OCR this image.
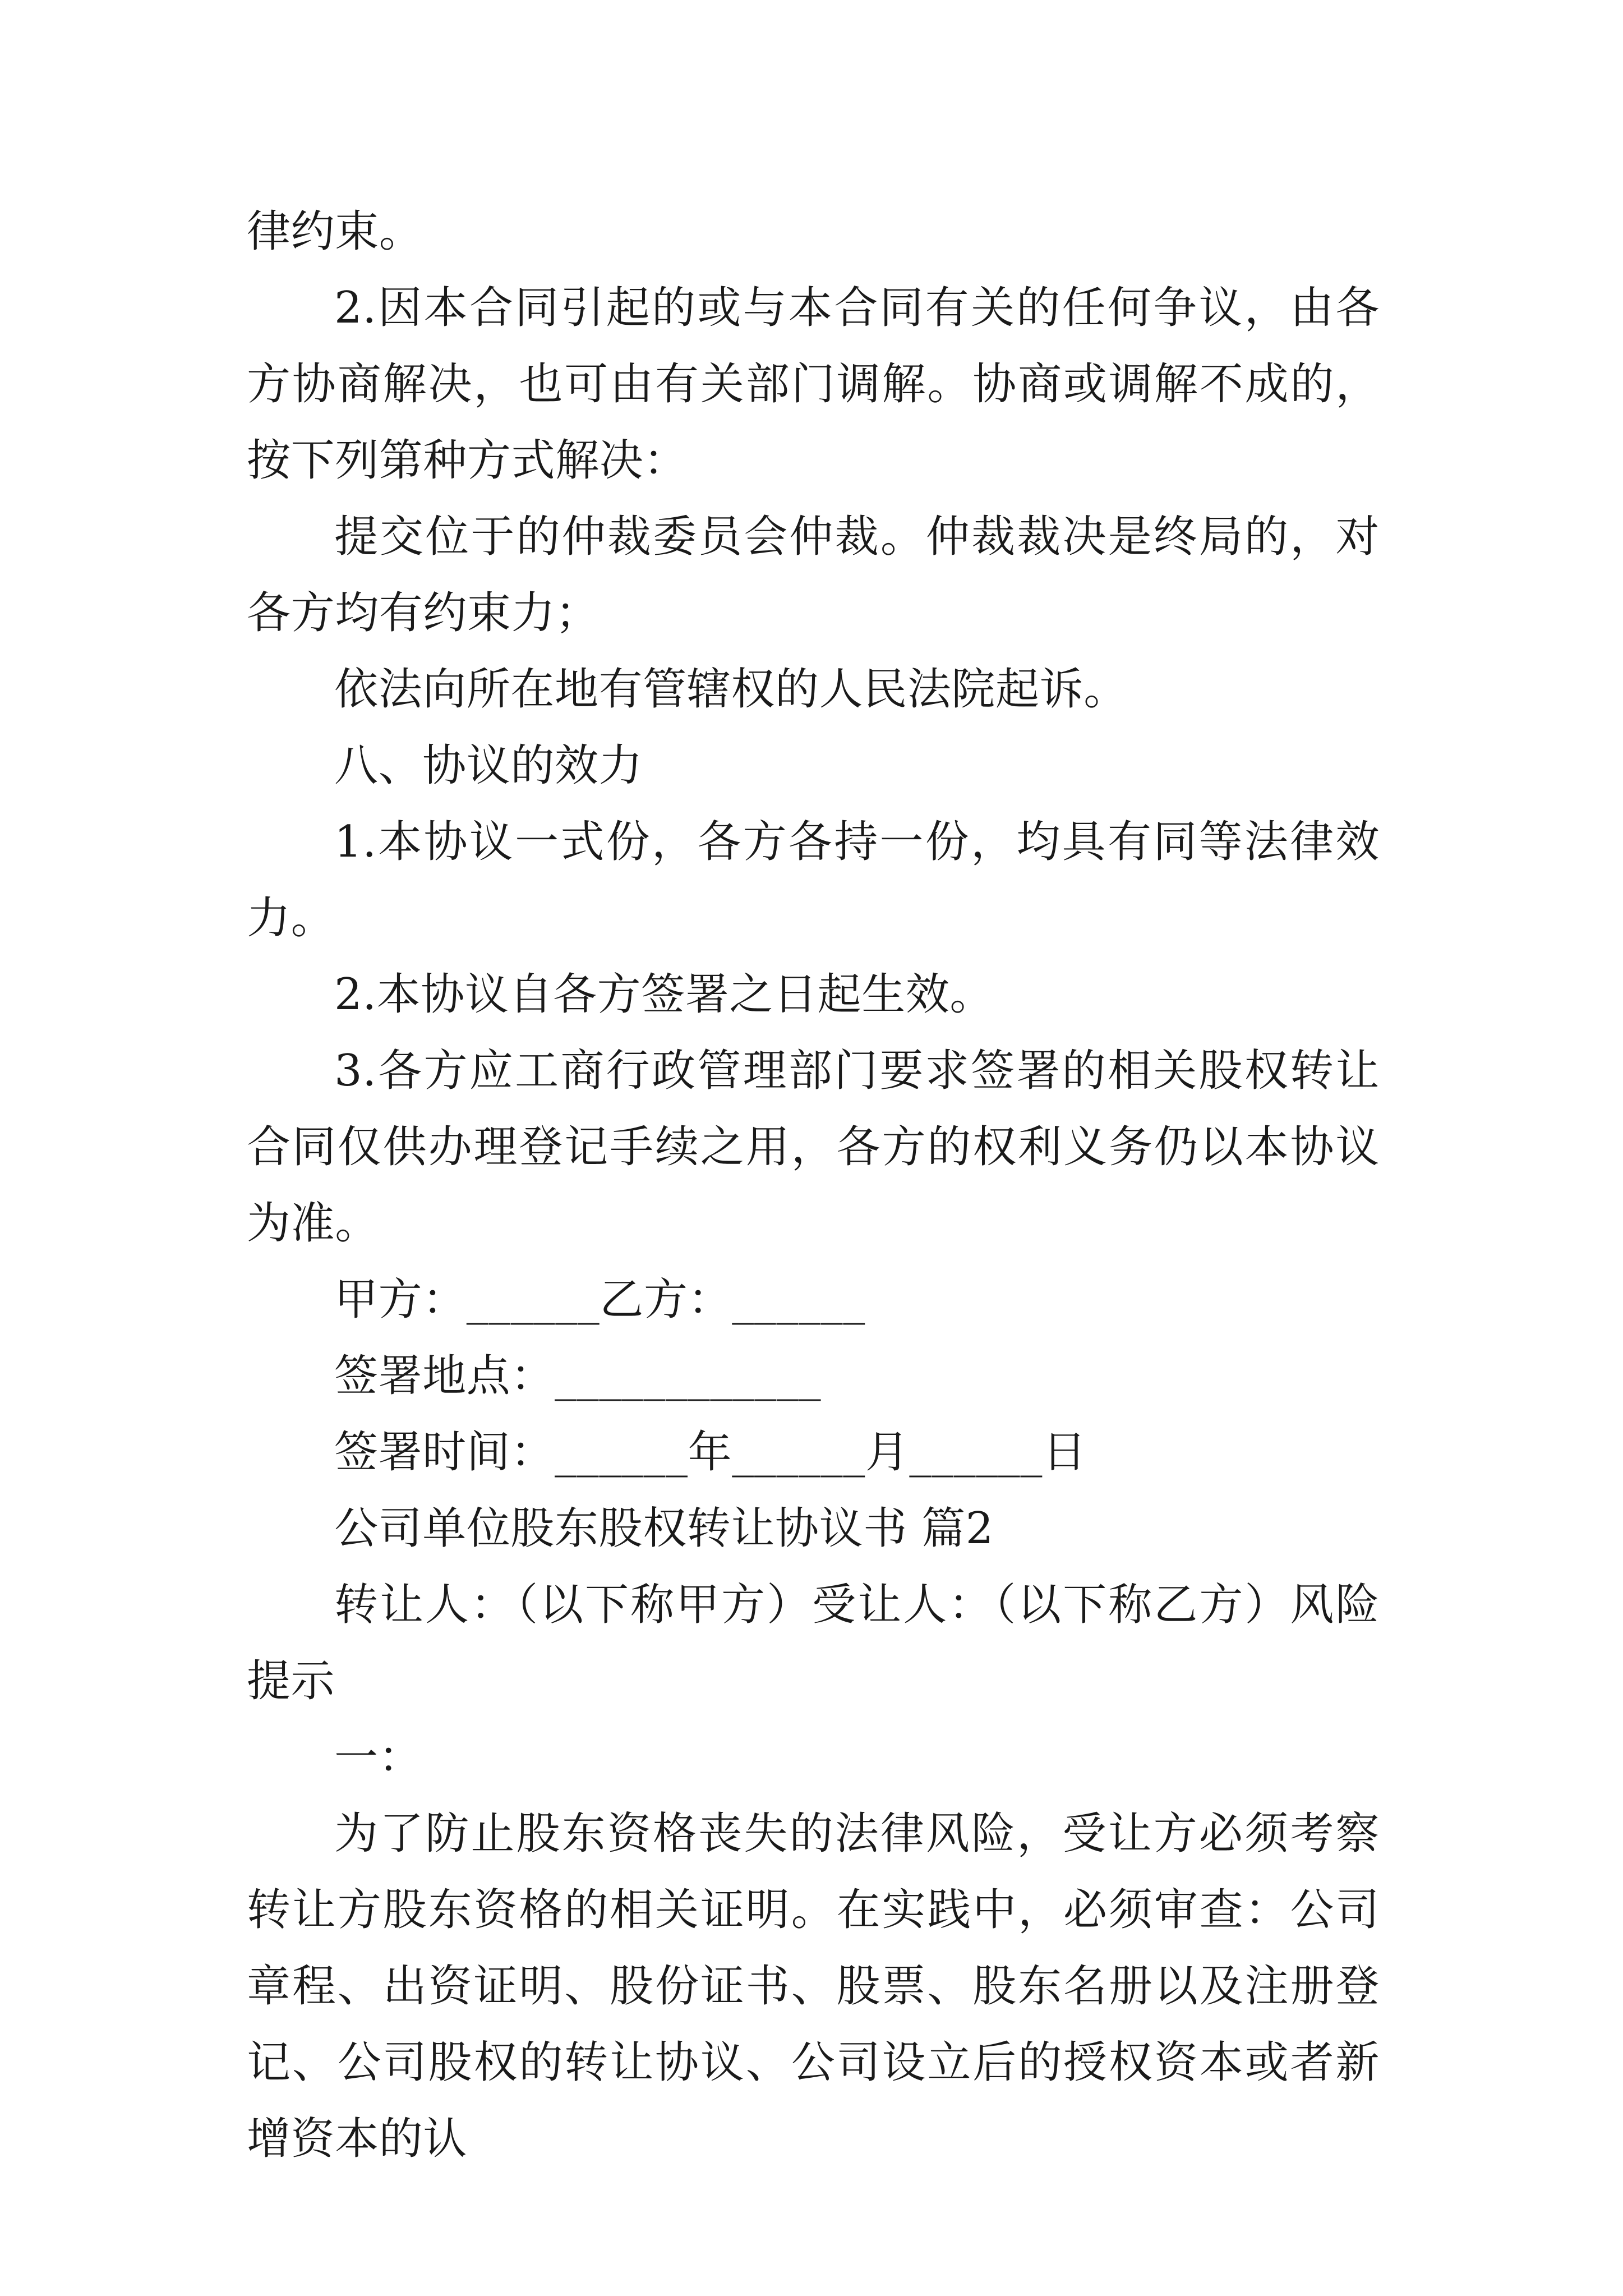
律约束。

2.因本合同引起的或与本合同有关的任何争议，由各方协商解决，也可由有关部门调解。协商或调解不成的，按下列第种方式解决：

提交位于的仲裁委员会仲裁。仲裁裁决是终局的，对各方均有约束力；

依法向所在地有管辖权的人民法院起诉。

八、协议的效力

1.本协议一式份，各方各持一份，均具有同等法律效力。

2.本协议自各方签署之日起生效。

3.各方应工商行政管理部门要求签署的相关股权转让合同仅供办理登记手续之用，各方的权利义务仍以本协议为准。

甲方：______乙方：______

签署地点：____________

签署时间：______年______月______日

公司单位股东股权转让协议书 篇2

转让人：（以下称甲方）受让人：（以下称乙方）风险提示

一：

为了防止股东资格丧失的法律风险，受让方必须考察转让方股东资格的相关证明。在实践中，必须审查：公司章程、出资证明、股份证书、股票、股东名册以及注册登记、公司股权的转让协议、公司设立后的授权资本或者新增资本的认
